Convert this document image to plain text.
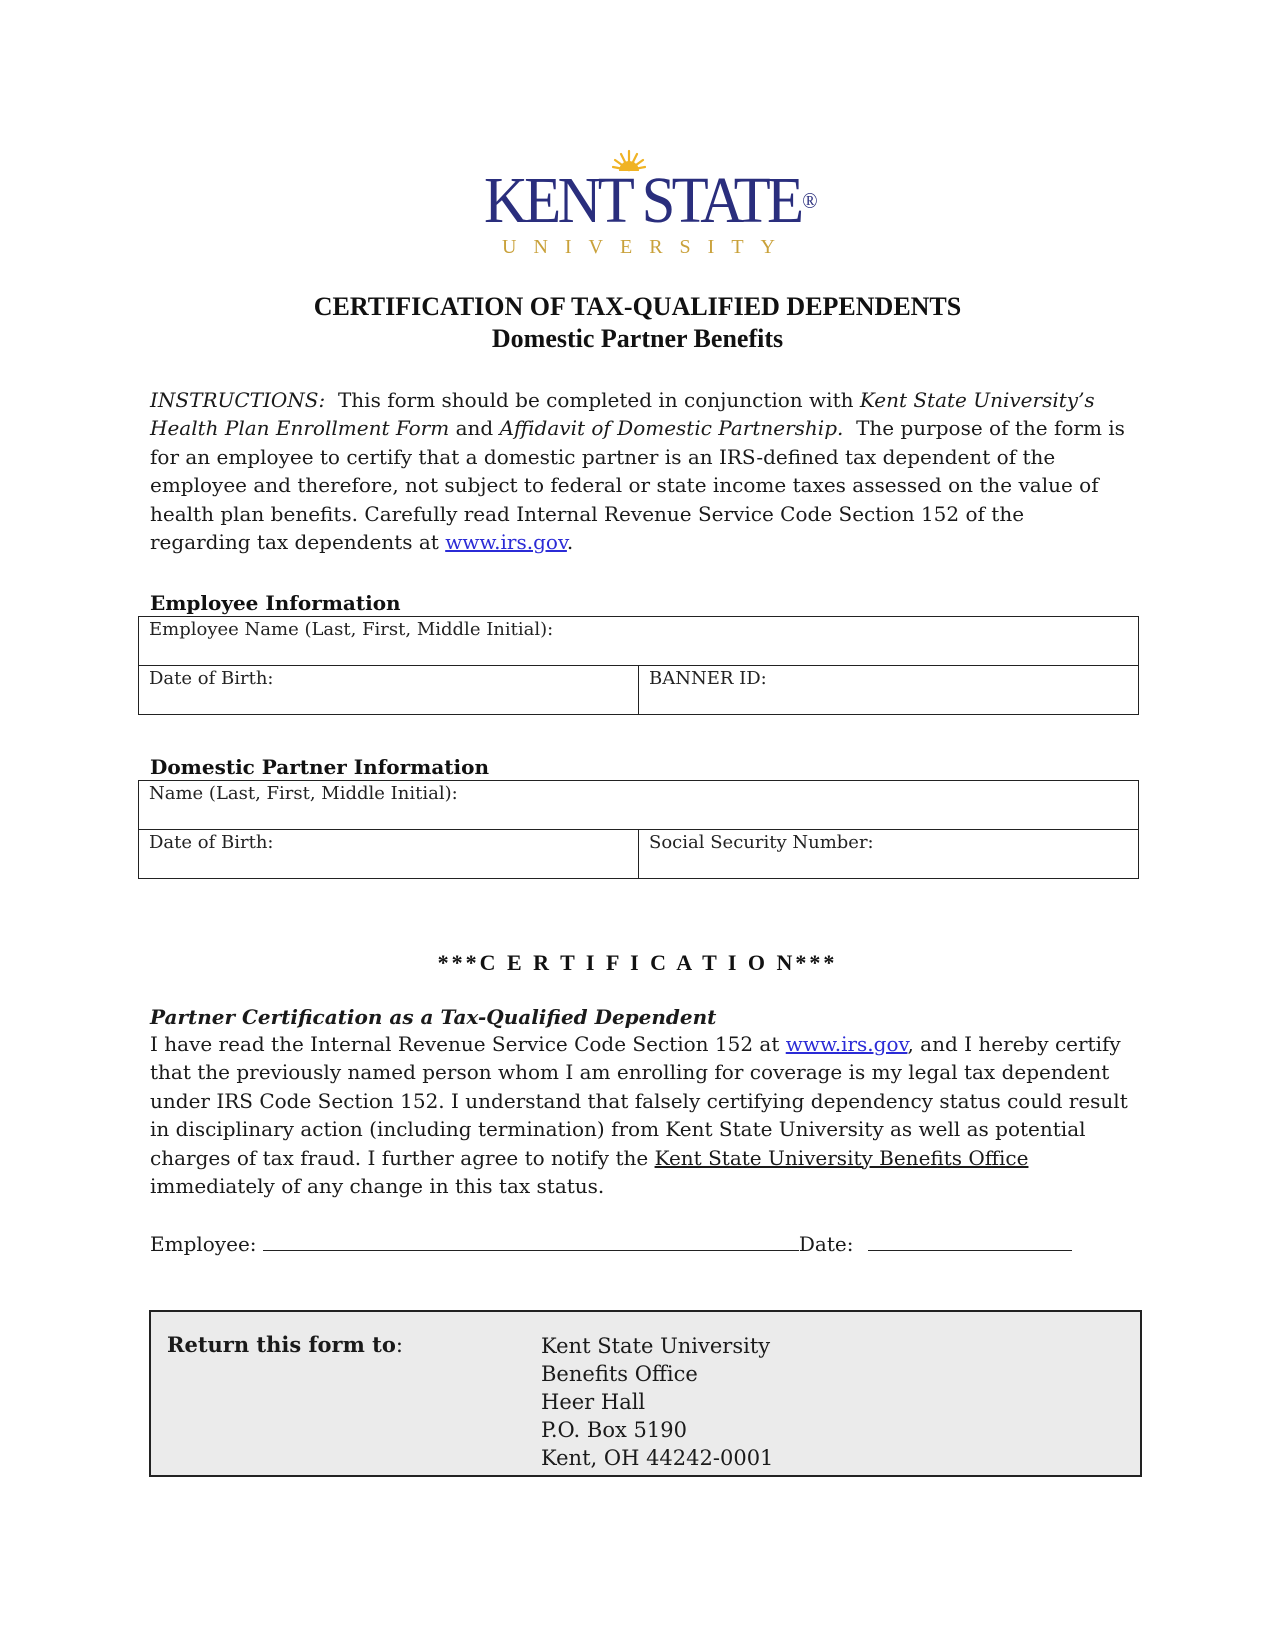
KENT STATE®
UNIVERSITY
CERTIFICATION OF TAX-QUALIFIED DEPENDENTS
Domestic Partner Benefits
INSTRUCTIONS: This form should be completed in conjunction with Kent State University’s Health Plan Enrollment Form and Affidavit of Domestic Partnership. The purpose of the form is for an employee to certify that a domestic partner is an IRS-defined tax dependent of the employee and therefore, not subject to federal or state income taxes assessed on the value of health plan benefits. Carefully read Internal Revenue Service Code Section 152 of the regarding tax dependents at www.irs.gov.
Employee Information
Employee Name (Last, First, Middle Initial):
Date of Birth:	BANNER ID:
Domestic Partner Information
Name (Last, First, Middle Initial):
Date of Birth:	Social Security Number:
***C E R T I F I C A T I O N***
Partner Certification as a Tax-Qualified Dependent
I have read the Internal Revenue Service Code Section 152 at www.irs.gov, and I hereby certify that the previously named person whom I am enrolling for coverage is my legal tax dependent under IRS Code Section 152. I understand that falsely certifying dependency status could result in disciplinary action (including termination) from Kent State University as well as potential charges of tax fraud. I further agree to notify the Kent State University Benefits Office immediately of any change in this tax status.
Employee:	Date:
Return this form to:	Kent State University
Benefits Office
Heer Hall
P.O. Box 5190
Kent, OH 44242-0001
